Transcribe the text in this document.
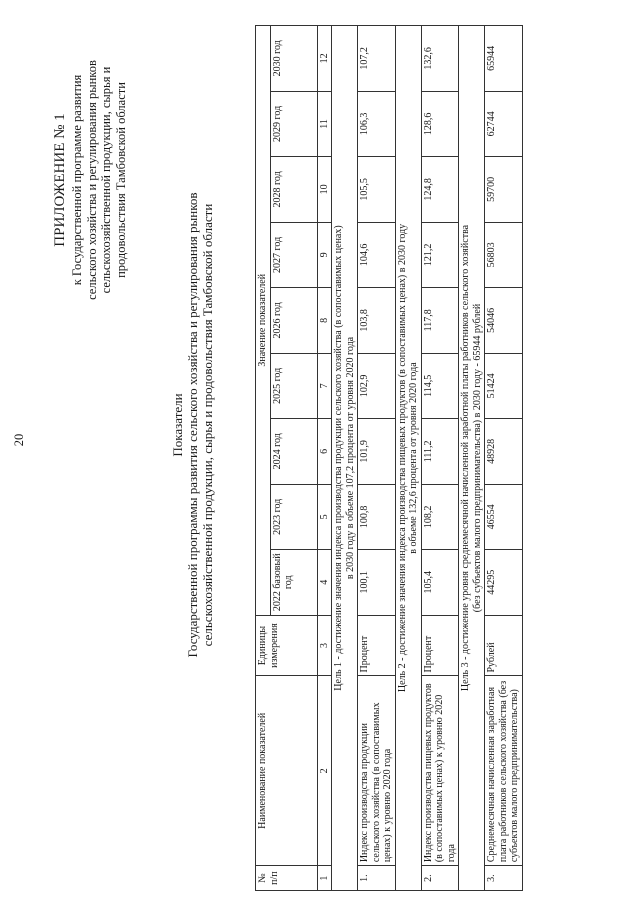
20
ПРИЛОЖЕНИЕ № 1 к Государственной программе развития сельского хозяйства и регулирования рынков сельскохозяйственной продукции, сырья и продовольствия Тамбовской области
Показатели Государственной программы развития сельского хозяйства и регулирования рынков сельскохозяйственной продукции, сырья и продовольствия Тамбовской области
№ п/п	Наименование показателей	Единицы измерения	Значение показателей								
			2022 базовый год	2023 год	2024 год	2025 год	2026 год	2027 год	2028 год	2029 год	2030 год
1	2	3	4	5	6	7	8	9	10	11	12

Цель 1 - достижение значения индекса производства продукции сельского хозяйства (в сопоставимых ценах) в 2030 году в объеме 107,2 процента от уровня 2020 года											

1.	Индекс производства продукции сельского хозяйства (в сопоставимых ценах) к уровню 2020 года	Процент	100,1	100,8	101,9	102,9	103,8	104,6	105,5	106,3	107,2

Цель 2 - достижение значения индекса производства пищевых продуктов (в сопоставимых ценах) в 2030 году в объеме 132,6 процента от уровня 2020 года											

2.	Индекс производства пищевых продуктов (в сопоставимых ценах) к уровню 2020 года	Процент	105,4	108,2	111,2	114,5	117,8	121,2	124,8	128,6	132,6

Цель 3 - достижение уровня среднемесячной начисленной заработной платы работников сельского хозяйства (без субъектов малого предпринимательства) в 2030 году - 65944 рублей											

3.	Среднемесячная начисленная заработная плата работников сельского хозяйства (без субъектов малого предпринимательства)	Рублей	44295	46554	48928	51424	54046	56803	59700	62744	65944
